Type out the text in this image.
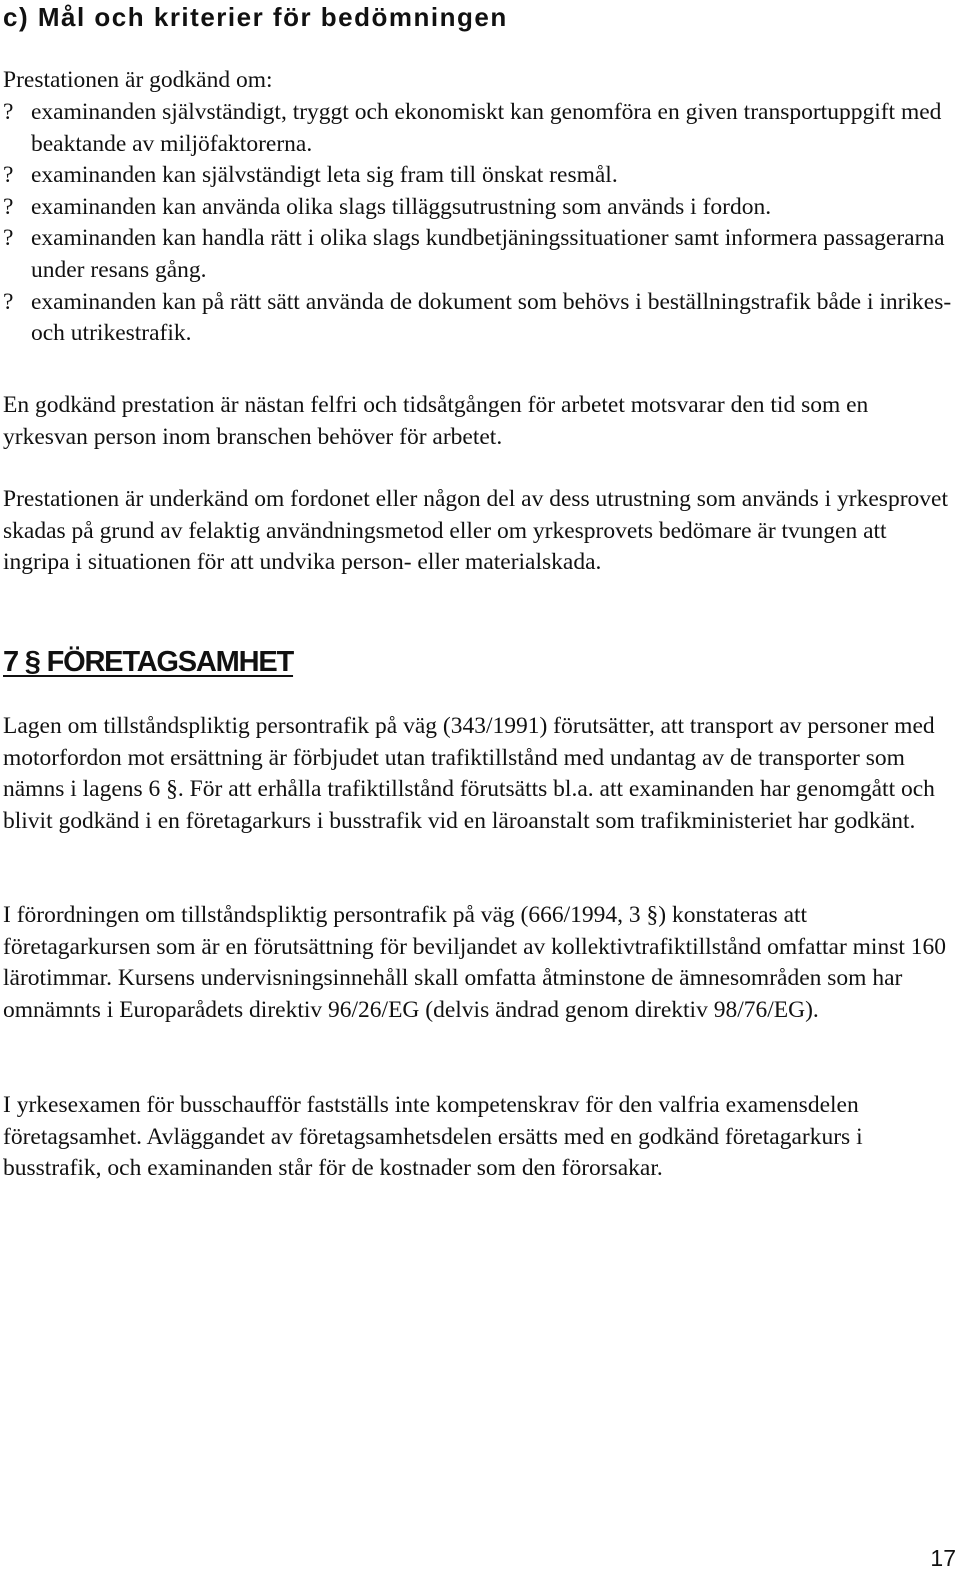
c) Mål och kriterier för bedömningen

Prestationen är godkänd om:

? examinanden självständigt, tryggt och ekonomiskt kan genomföra en given transportuppgift med beaktande av miljöfaktorerna.
? examinanden kan självständigt leta sig fram till önskat resmål.
? examinanden kan använda olika slags tilläggsutrustning som används i fordon.
? examinanden kan handla rätt i olika slags kundbetjäningssituationer samt informera passagerarna under resans gång.
? examinanden kan på rätt sätt använda de dokument som behövs i beställningstrafik både i inrikes- och utrikestrafik.

En godkänd prestation är nästan felfri och tidsåtgången för arbetet motsvarar den tid som en yrkesvan person inom branschen behöver för arbetet.

Prestationen är underkänd om fordonet eller någon del av dess utrustning som används i yrkesprovet skadas på grund av felaktig användningsmetod eller om yrkesprovets bedömare är tvungen att ingripa i situationen för att undvika person- eller materialskada.

7 § FÖRETAGSAMHET

Lagen om tillståndspliktig persontrafik på väg (343/1991) förutsätter, att transport av personer med motorfordon mot ersättning är förbjudet utan trafiktillstånd med undantag av de transporter som nämns i lagens 6 §. För att erhålla trafiktillstånd förutsätts bl.a. att examinanden har genomgått och blivit godkänd i en företagarkurs i busstrafik vid en läroanstalt som trafikministeriet har godkänt.

I förordningen om tillståndspliktig persontrafik på väg (666/1994, 3 §) konstateras att företagarkursen som är en förutsättning för beviljandet av kollektivtrafiktillstånd omfattar minst 160 lärotimmar. Kursens undervisningsinnehåll skall omfatta åtminstone de ämnesområden som har omnämnts i Europarådets direktiv 96/26/EG (delvis ändrad genom direktiv 98/76/EG).

I yrkesexamen för busschaufför fastställs inte kompetenskrav för den valfria examensdelen företagsamhet. Avläggandet av företagsamhetsdelen ersätts med en godkänd företagarkurs i busstrafik, och examinanden står för de kostnader som den förorsakar.

17
